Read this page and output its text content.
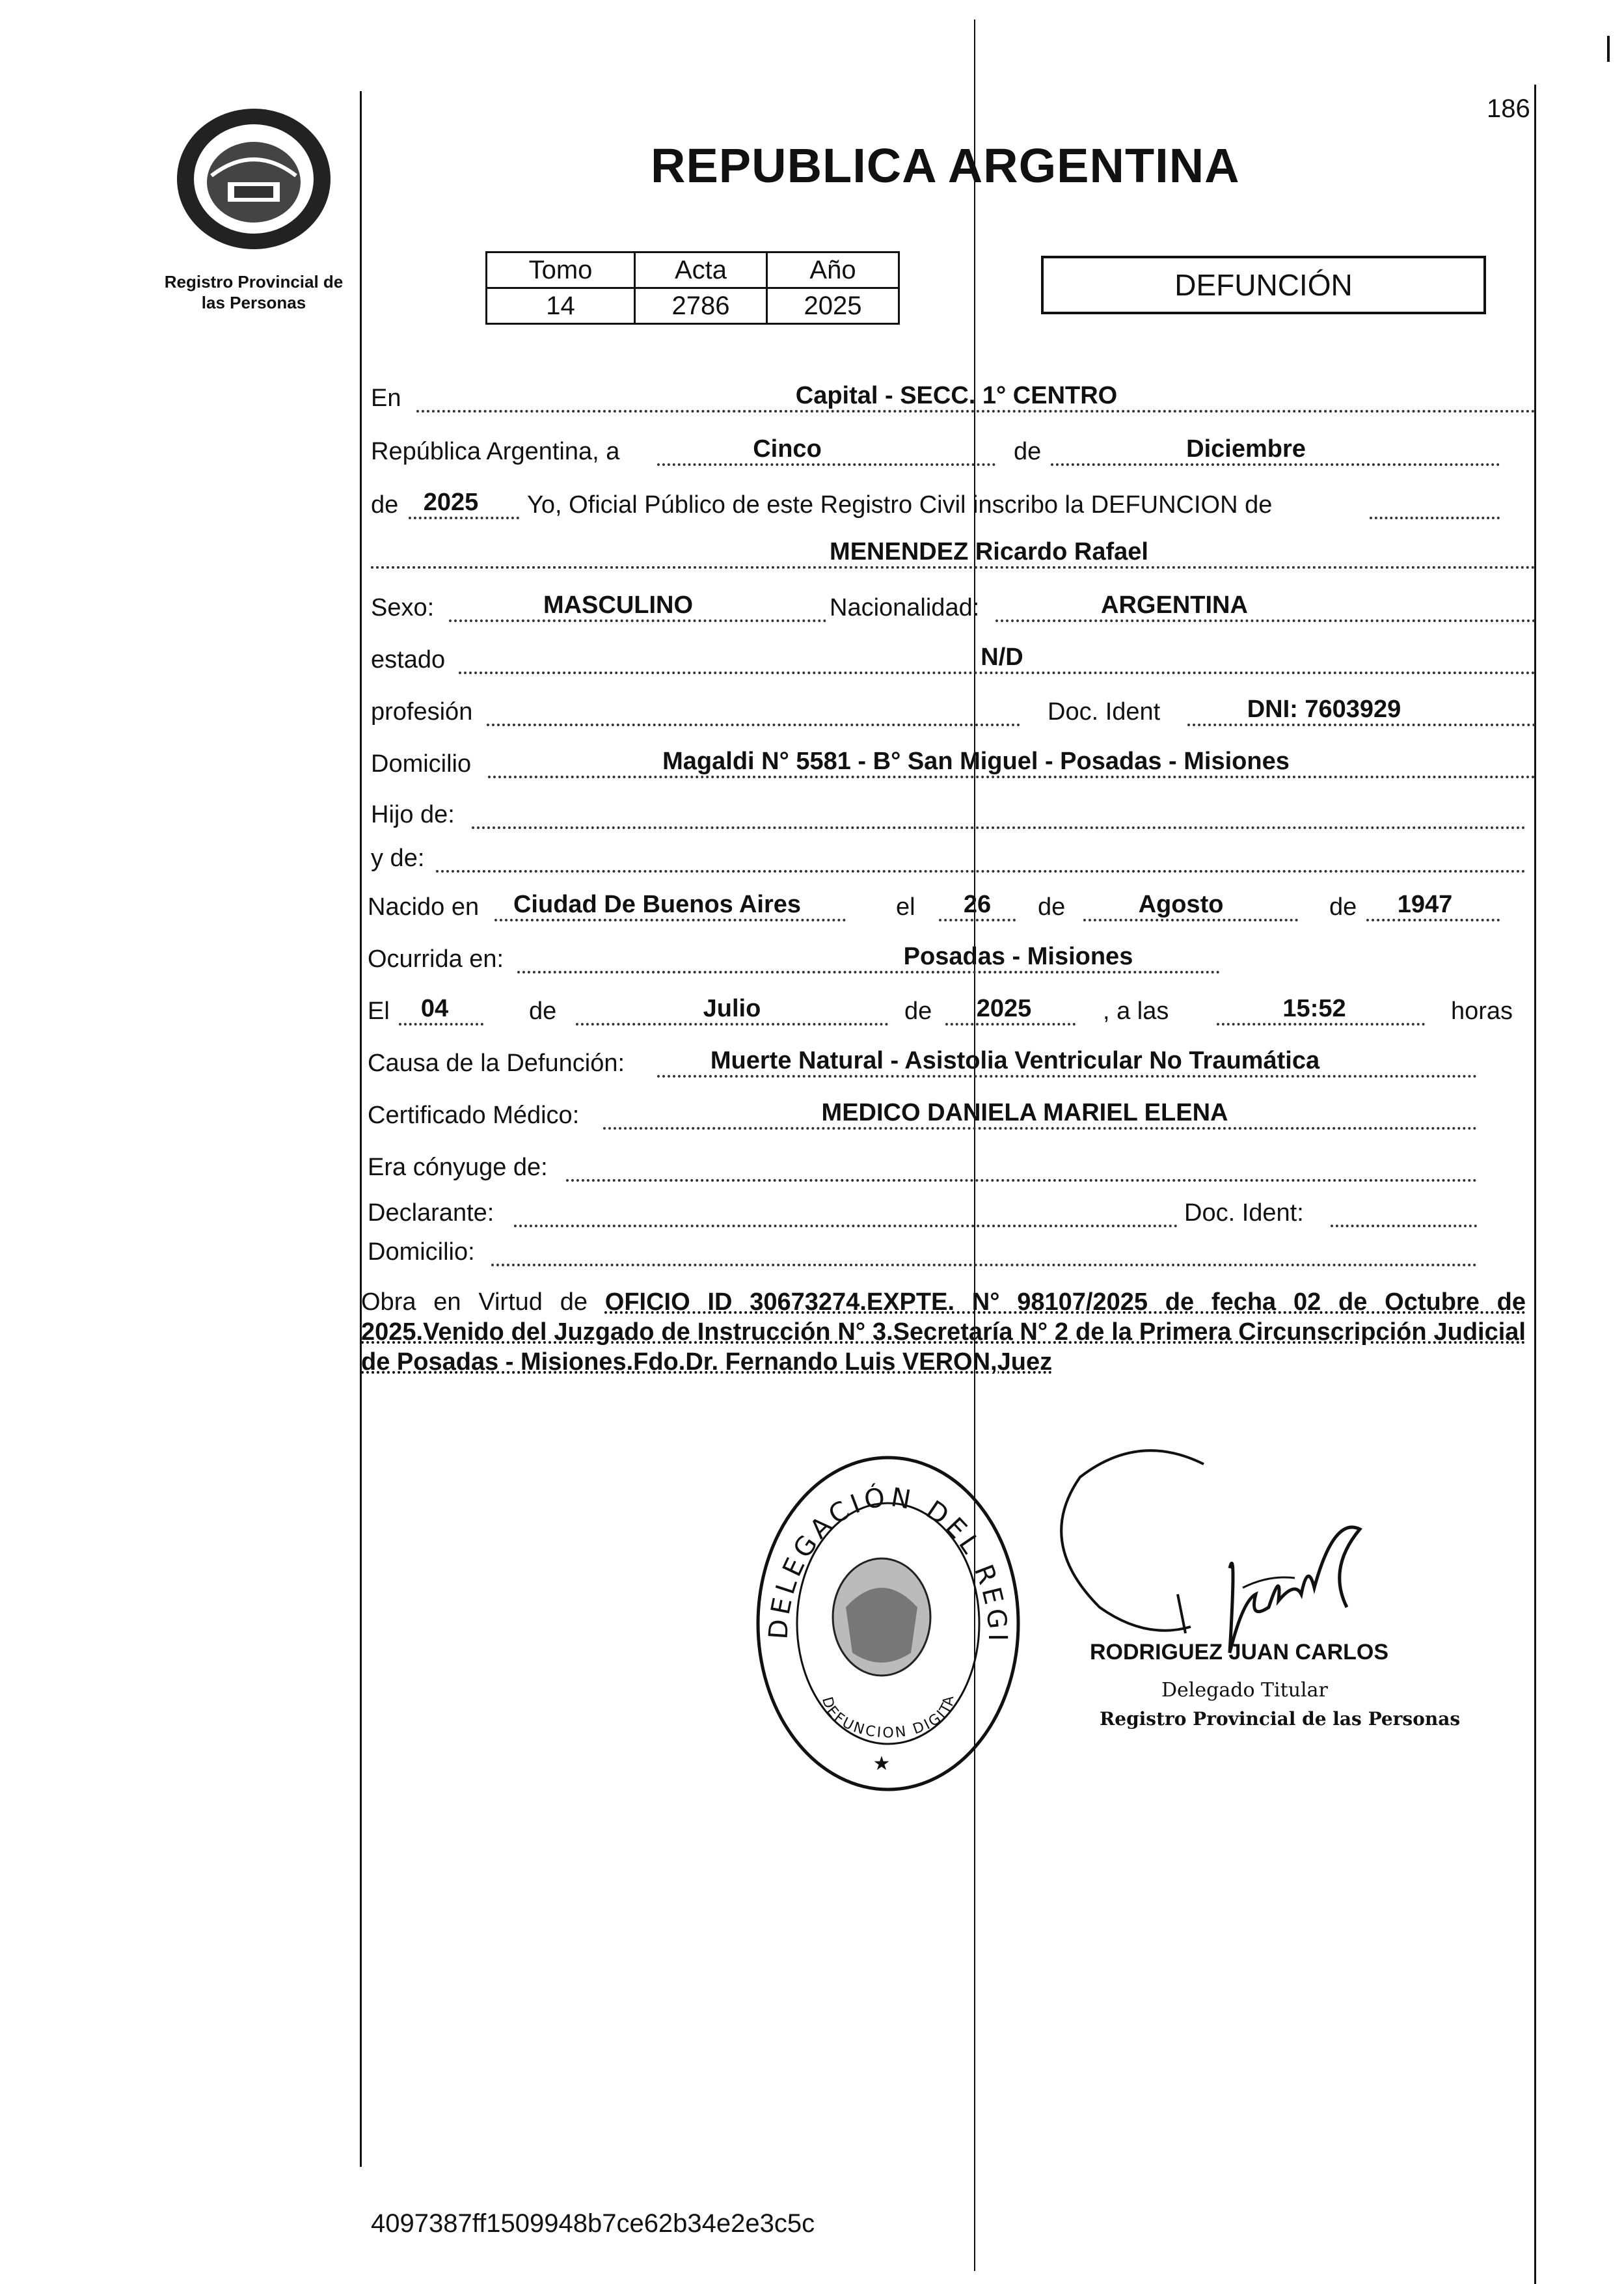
186
Registro Provincial de
las Personas
REPUBLICA ARGENTINA
Tomo	Acta	Año
14	2786	2025
DEFUNCIÓN
En	Capital - SECC. 1° CENTRO
República Argentina, a	Cinco	de	Diciembre
de	2025	Yo, Oficial Público de este Registro Civil inscribo la DEFUNCION de
MENENDEZ Ricardo Rafael
Sexo:	MASCULINO	Nacionalidad:	ARGENTINA
estado	N/D
profesión	Doc. Ident	DNI: 7603929
Domicilio	Magaldi N° 5581 - B° San Miguel - Posadas - Misiones
Hijo de:
y de:
Nacido en	Ciudad De Buenos Aires	el	26	de	Agosto	de	1947
Ocurrida en:	Posadas - Misiones
El	04	de	Julio	de	2025	, a las	15:52	horas
Causa de la Defunción:	Muerte Natural - Asistolia Ventricular No Traumática
Certificado Médico:	MEDICO DANIELA MARIEL ELENA
Era cónyuge de:
Declarante:	Doc. Ident:
Domicilio:
Obra en Virtud de OFICIO ID 30673274.EXPTE. N° 98107/2025 de fecha 02 de Octubre de 2025.Venido del Juzgado de Instrucción N° 3.Secretaría N° 2 de la Primera Circunscripción Judicial de Posadas - Misiones.Fdo.Dr. Fernando Luis VERON,Juez
DELEGACIÓN DEL REGI
DEFUNCION DIGITA
★
RODRIGUEZ JUAN CARLOS
Delegado Titular
Registro Provincial de las Personas
4097387ff1509948b7ce62b34e2e3c5c
